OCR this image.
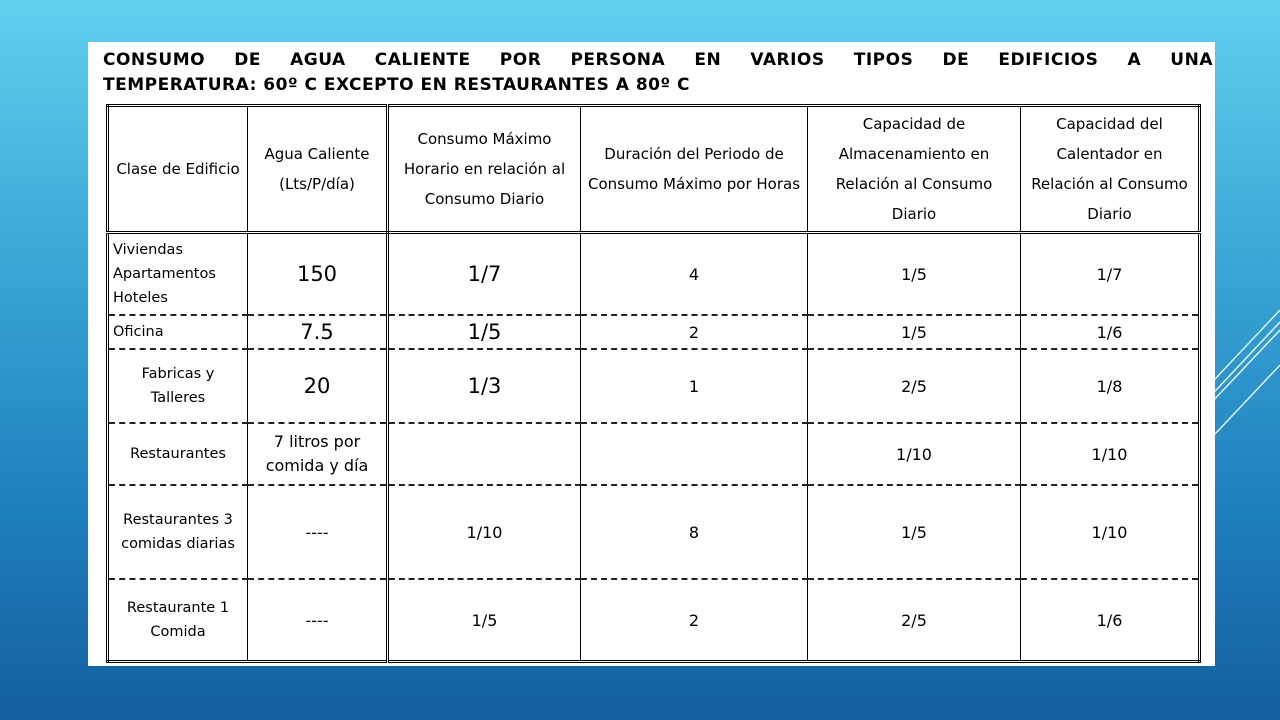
CONSUMO DE AGUA CALIENTE POR PERSONA EN VARIOS TIPOS DE EDIFICIOS A UNA
TEMPERATURA: 60º C EXCEPTO EN RESTAURANTES A 80º C
Clase de Edificio	Agua Caliente (Lts/P/día)	Consumo Máximo Horario en relación al Consumo Diario	Duración del Periodo de Consumo Máximo por Horas	Capacidad de Almacenamiento en Relación al Consumo Diario	Capacidad del Calentador en Relación al Consumo Diario
Viviendas Apartamentos Hoteles	150	1/7	4	1/5	1/7
Oficina	7.5	1/5	2	1/5	1/6
Fabricas y Talleres	20	1/3	1	2/5	1/8
Restaurantes	7 litros por comida y día			1/10	1/10
Restaurantes 3 comidas diarias	----	1/10	8	1/5	1/10
Restaurante 1 Comida	----	1/5	2	2/5	1/6
